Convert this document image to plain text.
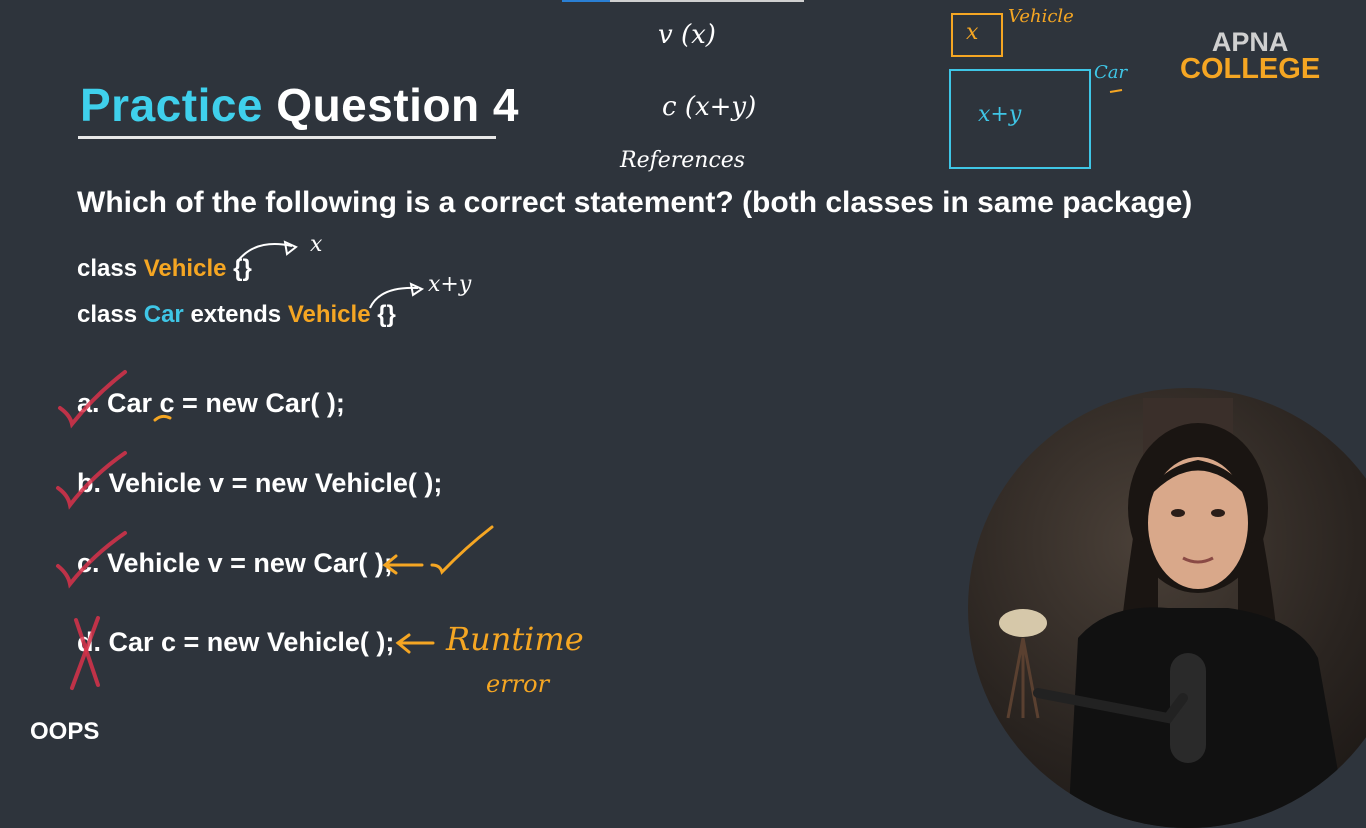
Practice Question 4
Which of the following is a correct statement? (both classes in same package)
class Vehicle {}
class Car extends Vehicle {}
a. Car c = new Car( );
b. Vehicle v = new Vehicle( );
c. Vehicle v = new Car( );
d. Car c = new Vehicle( );
v (x)
c (x+y)
References
x
Vehicle
x+y
Car
x
x+y
Runtime
error
APNA
COLLEGE
OOPS
